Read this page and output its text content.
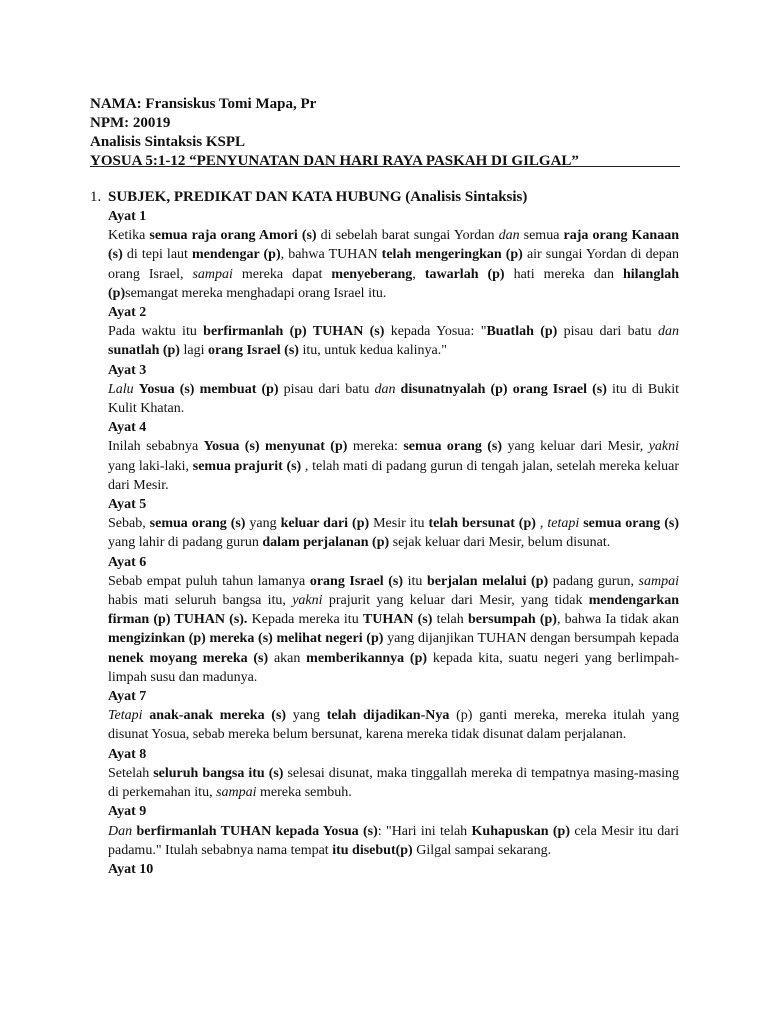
NAMA: Fransiskus Tomi Mapa, Pr
NPM: 20019
Analisis Sintaksis KSPL
YOSUA 5:1-12 “PENYUNATAN DAN HARI RAYA PASKAH DI GILGAL”
1. SUBJEK, PREDIKAT DAN KATA HUBUNG (Analisis Sintaksis)
Ayat 1
Ketika semua raja orang Amori (s) di sebelah barat sungai Yordan dan semua raja orang Kanaan (s) di tepi laut mendengar (p), bahwa TUHAN telah mengeringkan (p) air sungai Yordan di depan orang Israel, sampai mereka dapat menyeberang, tawarlah (p) hati mereka dan hilanglah (p)semangat mereka menghadapi orang Israel itu.
Ayat 2
Pada waktu itu berfirmanlah (p) TUHAN (s) kepada Yosua: "Buatlah (p) pisau dari batu dan sunatlah (p) lagi orang Israel (s) itu, untuk kedua kalinya."
Ayat 3
Lalu Yosua (s) membuat (p) pisau dari batu dan disunatnyalah (p) orang Israel (s) itu di Bukit Kulit Khatan.
Ayat 4
Inilah sebabnya Yosua (s) menyunat (p) mereka: semua orang (s) yang keluar dari Mesir, yakni yang laki-laki, semua prajurit (s) , telah mati di padang gurun di tengah jalan, setelah mereka keluar dari Mesir.
Ayat 5
Sebab, semua orang (s) yang keluar dari (p) Mesir itu telah bersunat (p) , tetapi semua orang (s) yang lahir di padang gurun dalam perjalanan (p) sejak keluar dari Mesir, belum disunat.
Ayat 6
Sebab empat puluh tahun lamanya orang Israel (s) itu berjalan melalui (p) padang gurun, sampai habis mati seluruh bangsa itu, yakni prajurit yang keluar dari Mesir, yang tidak mendengarkan firman (p) TUHAN (s). Kepada mereka itu TUHAN (s) telah bersumpah (p), bahwa Ia tidak akan mengizinkan (p) mereka (s) melihat negeri (p) yang dijanjikan TUHAN dengan bersumpah kepada nenek moyang mereka (s) akan memberikannya (p) kepada kita, suatu negeri yang berlimpah-limpah susu dan madunya.
Ayat 7
Tetapi anak-anak mereka (s) yang telah dijadikan-Nya (p) ganti mereka, mereka itulah yang disunat Yosua, sebab mereka belum bersunat, karena mereka tidak disunat dalam perjalanan.
Ayat 8
Setelah seluruh bangsa itu (s) selesai disunat, maka tinggallah mereka di tempatnya masing-masing di perkemahan itu, sampai mereka sembuh.
Ayat 9
Dan berfirmanlah TUHAN kepada Yosua (s): "Hari ini telah Kuhapuskan (p) cela Mesir itu dari padamu." Itulah sebabnya nama tempat itu disebut(p) Gilgal sampai sekarang.
Ayat 10
